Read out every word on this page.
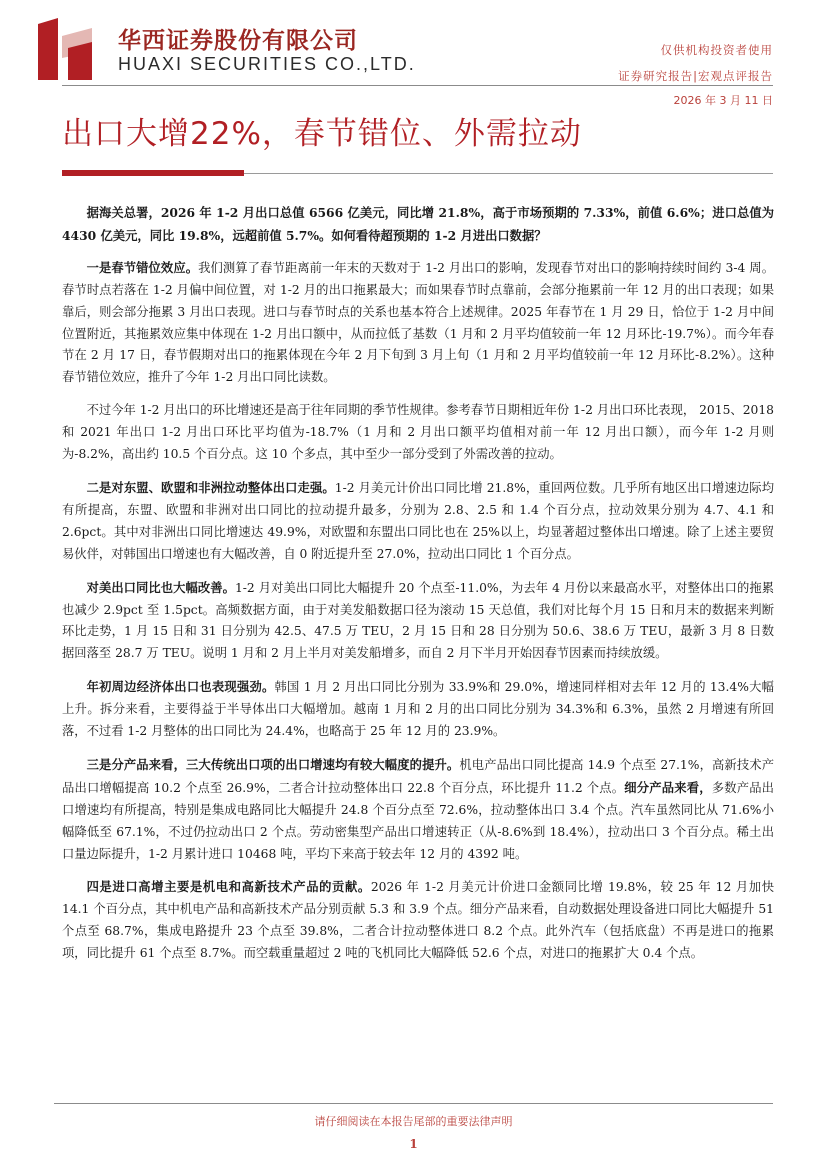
华西证券股份有限公司
HUAXI SECURITIES CO.,LTD.
仅供机构投资者使用
证券研究报告|宏观点评报告
2026 年 3 月 11 日
出口大增22%，春节错位、外需拉动

据海关总署，2026 年 1-2 月出口总值 6566 亿美元，同比增 21.8%，高于市场预期的 7.33%，前值 6.6%；进口总值为 4430 亿美元，同比 19.8%，远超前值 5.7%。如何看待超预期的 1-2 月进出口数据？

一是春节错位效应。我们测算了春节距离前一年末的天数对于 1-2 月出口的影响，发现春节对出口的影响持续时间约 3-4 周。春节时点若落在 1-2 月偏中间位置，对 1-2 月的出口拖累最大；而如果春节时点靠前，会部分拖累前一年 12 月的出口表现；如果靠后，则会部分拖累 3 月出口表现。进口与春节时点的关系也基本符合上述规律。2025 年春节在 1 月 29 日，恰位于 1-2 月中间位置附近，其拖累效应集中体现在 1-2 月出口额中，从而拉低了基数（1 月和 2 月平均值较前一年 12 月环比-19.7%）。而今年春节在 2 月 17 日，春节假期对出口的拖累体现在今年 2 月下旬到 3 月上旬（1 月和 2 月平均值较前一年 12 月环比-8.2%）。这种春节错位效应，推升了今年 1-2 月出口同比读数。

不过今年 1-2 月出口的环比增速还是高于往年同期的季节性规律。参考春节日期相近年份 1-2 月出口环比表现， 2015、2018 和 2021 年出口 1-2 月出口环比平均值为-18.7%（1 月和 2 月出口额平均值相对前一年 12 月出口额），而今年 1-2 月则为-8.2%，高出约 10.5 个百分点。这 10 个多点，其中至少一部分受到了外需改善的拉动。

二是对东盟、欧盟和非洲拉动整体出口走强。1-2 月美元计价出口同比增 21.8%，重回两位数。几乎所有地区出口增速边际均有所提高，东盟、欧盟和非洲对出口同比的拉动提升最多，分别为 2.8、2.5 和 1.4 个百分点，拉动效果分别为 4.7、4.1 和 2.6pct。其中对非洲出口同比增速达 49.9%，对欧盟和东盟出口同比也在 25%以上，均显著超过整体出口增速。除了上述主要贸易伙伴，对韩国出口增速也有大幅改善，自 0 附近提升至 27.0%，拉动出口同比 1 个百分点。

对美出口同比也大幅改善。1-2 月对美出口同比大幅提升 20 个点至-11.0%，为去年 4 月份以来最高水平，对整体出口的拖累也减少 2.9pct 至 1.5pct。高频数据方面，由于对美发船数据口径为滚动 15 天总值，我们对比每个月 15 日和月末的数据来判断环比走势，1 月 15 日和 31 日分别为 42.5、47.5 万 TEU，2 月 15 日和 28 日分别为 50.6、38.6 万 TEU，最新 3 月 8 日数据回落至 28.7 万 TEU。说明 1 月和 2 月上半月对美发船增多，而自 2 月下半月开始因春节因素而持续放缓。

年初周边经济体出口也表现强劲。韩国 1 月 2 月出口同比分别为 33.9%和 29.0%，增速同样相对去年 12 月的 13.4%大幅上升。拆分来看，主要得益于半导体出口大幅增加。越南 1 月和 2 月的出口同比分别为 34.3%和 6.3%，虽然 2 月增速有所回落，不过看 1-2 月整体的出口同比为 24.4%，也略高于 25 年 12 月的 23.9%。

三是分产品来看，三大传统出口项的出口增速均有较大幅度的提升。机电产品出口同比提高 14.9 个点至 27.1%，高新技术产品出口增幅提高 10.2 个点至 26.9%，二者合计拉动整体出口 22.8 个百分点，环比提升 11.2 个点。细分产品来看，多数产品出口增速均有所提高，特别是集成电路同比大幅提升 24.8 个百分点至 72.6%，拉动整体出口 3.4 个点。汽车虽然同比从 71.6%小幅降低至 67.1%，不过仍拉动出口 2 个点。劳动密集型产品出口增速转正（从-8.6%到 18.4%），拉动出口 3 个百分点。稀土出口量边际提升，1-2 月累计进口 10468 吨，平均下来高于较去年 12 月的 4392 吨。

四是进口高增主要是机电和高新技术产品的贡献。2026 年 1-2 月美元计价进口金额同比增 19.8%，较 25 年 12 月加快 14.1 个百分点，其中机电产品和高新技术产品分别贡献 5.3 和 3.9 个点。细分产品来看，自动数据处理设备进口同比大幅提升 51 个点至 68.7%，集成电路提升 23 个点至 39.8%，二者合计拉动整体进口 8.2 个点。此外汽车（包括底盘）不再是进口的拖累项，同比提升 61 个点至 8.7%。而空载重量超过 2 吨的飞机同比大幅降低 52.6 个点，对进口的拖累扩大 0.4 个点。

请仔细阅读在本报告尾部的重要法律声明
1
